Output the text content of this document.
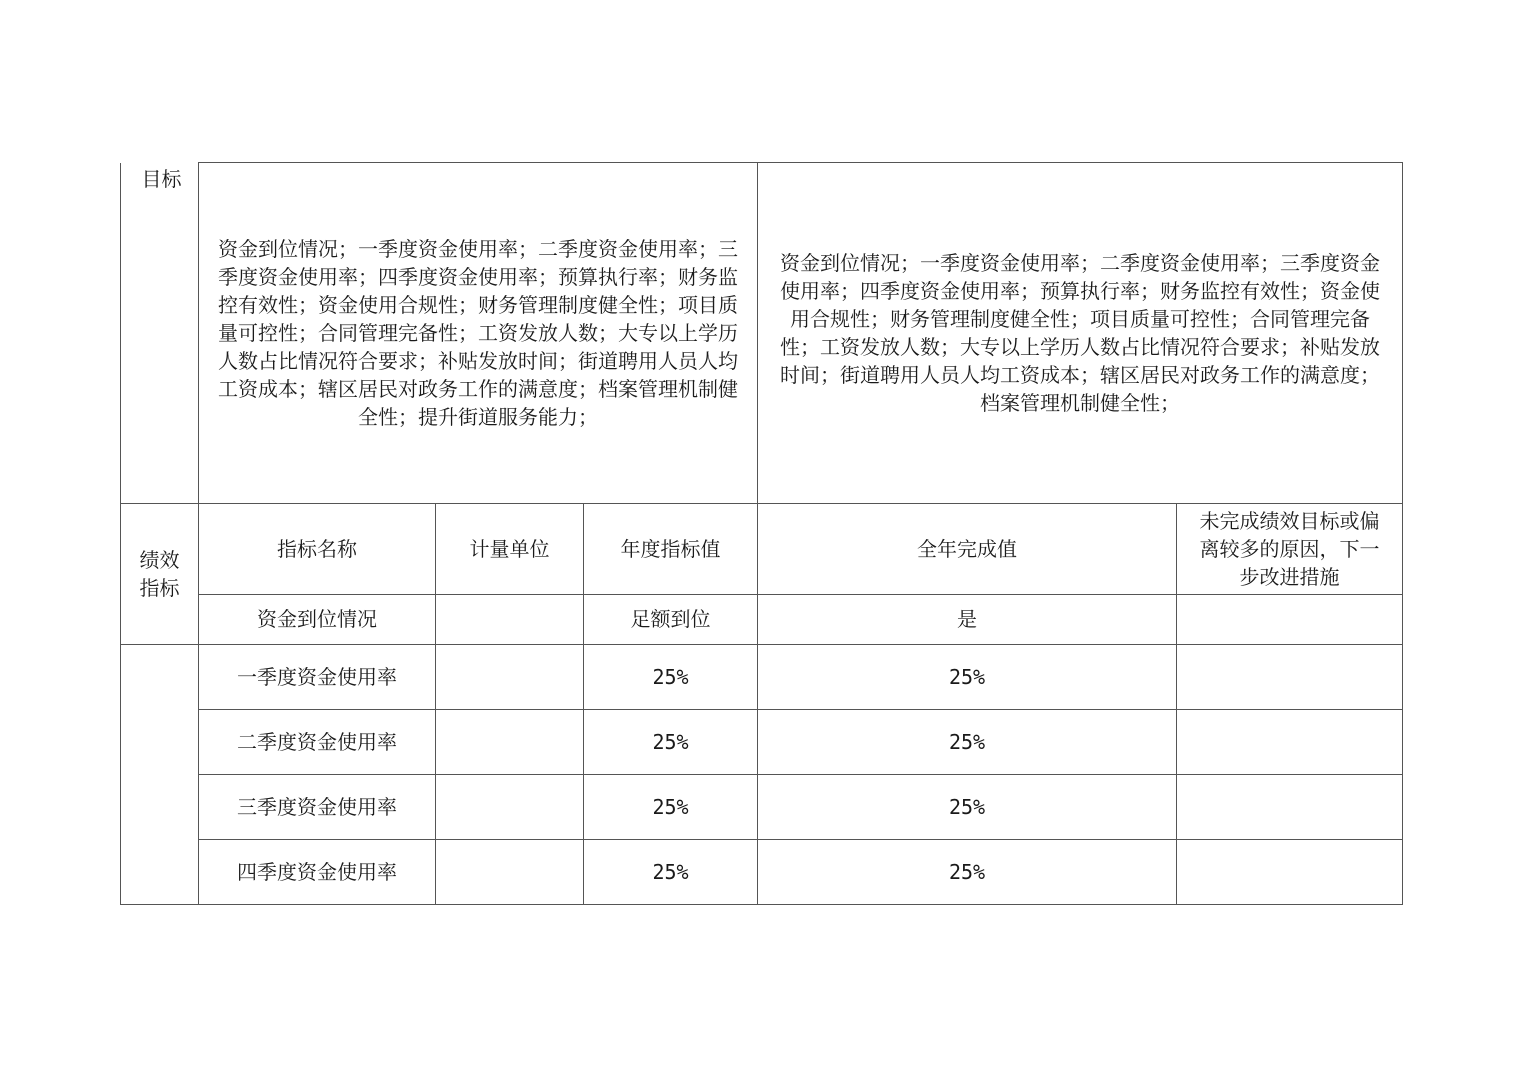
目标	资金到位情况；一季度资金使用率；二季度资金使用率；三季度资金使用率；四季度资金使用率；预算执行率；财务监控有效性；资金使用合规性；财务管理制度健全性；项目质量可控性；合同管理完备性；工资发放人数；大专以上学历人数占比情况符合要求；补贴发放时间；街道聘用人员人均工资成本；辖区居民对政务工作的满意度；档案管理机制健全性；提升街道服务能力；			资金到位情况；一季度资金使用率；二季度资金使用率；三季度资金使用率；四季度资金使用率；预算执行率；财务监控有效性；资金使用合规性；财务管理制度健全性；项目质量可控性；合同管理完备性；工资发放人数；大专以上学历人数占比情况符合要求；补贴发放时间；街道聘用人员人均工资成本；辖区居民对政务工作的满意度；档案管理机制健全性；	

绩效指标	指标名称	计量单位	年度指标值	全年完成值	未完成绩效目标或偏离较多的原因，下一步改进措施

	资金到位情况		足额到位	是	
	一季度资金使用率		25%	25%	
	二季度资金使用率		25%	25%	
	三季度资金使用率		25%	25%	
	四季度资金使用率		25%	25%	
